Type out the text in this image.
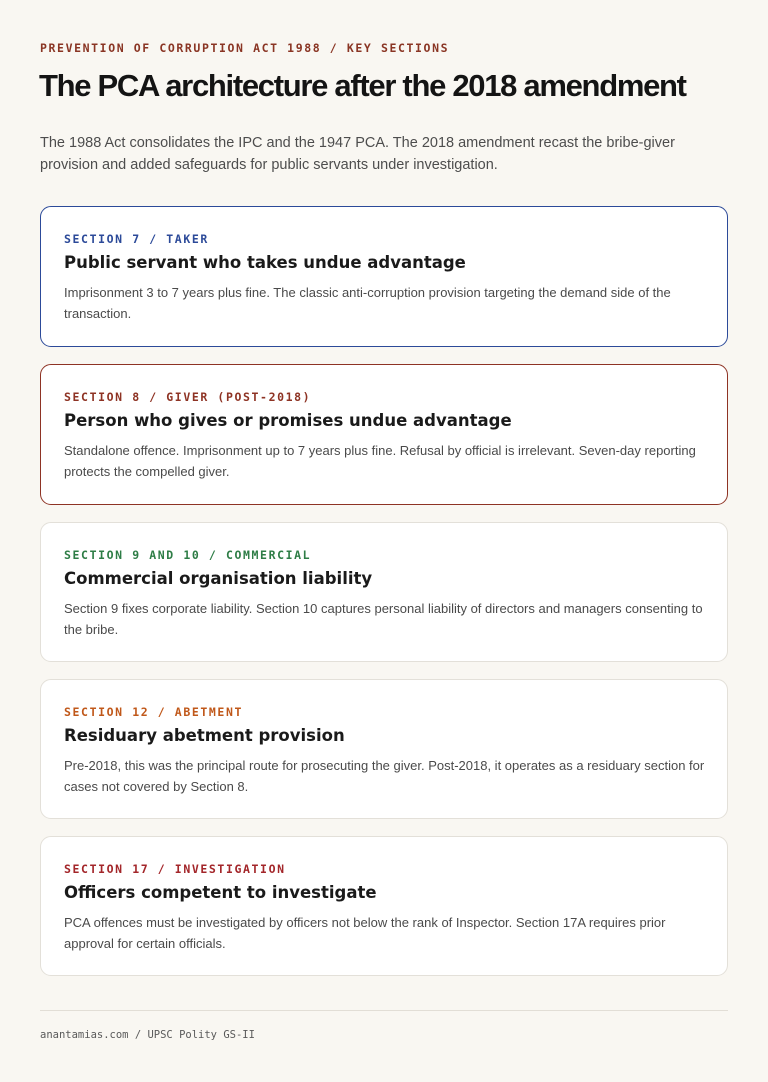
PREVENTION OF CORRUPTION ACT 1988 / KEY SECTIONS
The PCA architecture after the 2018 amendment

The 1988 Act consolidates the IPC and the 1947 PCA. The 2018 amendment recast the bribe-giver provision and added safeguards for public servants under investigation.

SECTION 7 / TAKER
Public servant who takes undue advantage
Imprisonment 3 to 7 years plus fine. The classic anti-corruption provision targeting the demand side of the transaction.
SECTION 8 / GIVER (POST-2018)
Person who gives or promises undue advantage
Standalone offence. Imprisonment up to 7 years plus fine. Refusal by official is irrelevant. Seven-day reporting protects the compelled giver.
SECTION 9 AND 10 / COMMERCIAL
Commercial organisation liability
Section 9 fixes corporate liability. Section 10 captures personal liability of directors and managers consenting to the bribe.
SECTION 12 / ABETMENT
Residuary abetment provision
Pre-2018, this was the principal route for prosecuting the giver. Post-2018, it operates as a residuary section for cases not covered by Section 8.
SECTION 17 / INVESTIGATION
Officers competent to investigate
PCA offences must be investigated by officers not below the rank of Inspector. Section 17A requires prior approval for certain officials.
anantamias.com / UPSC Polity GS-II
